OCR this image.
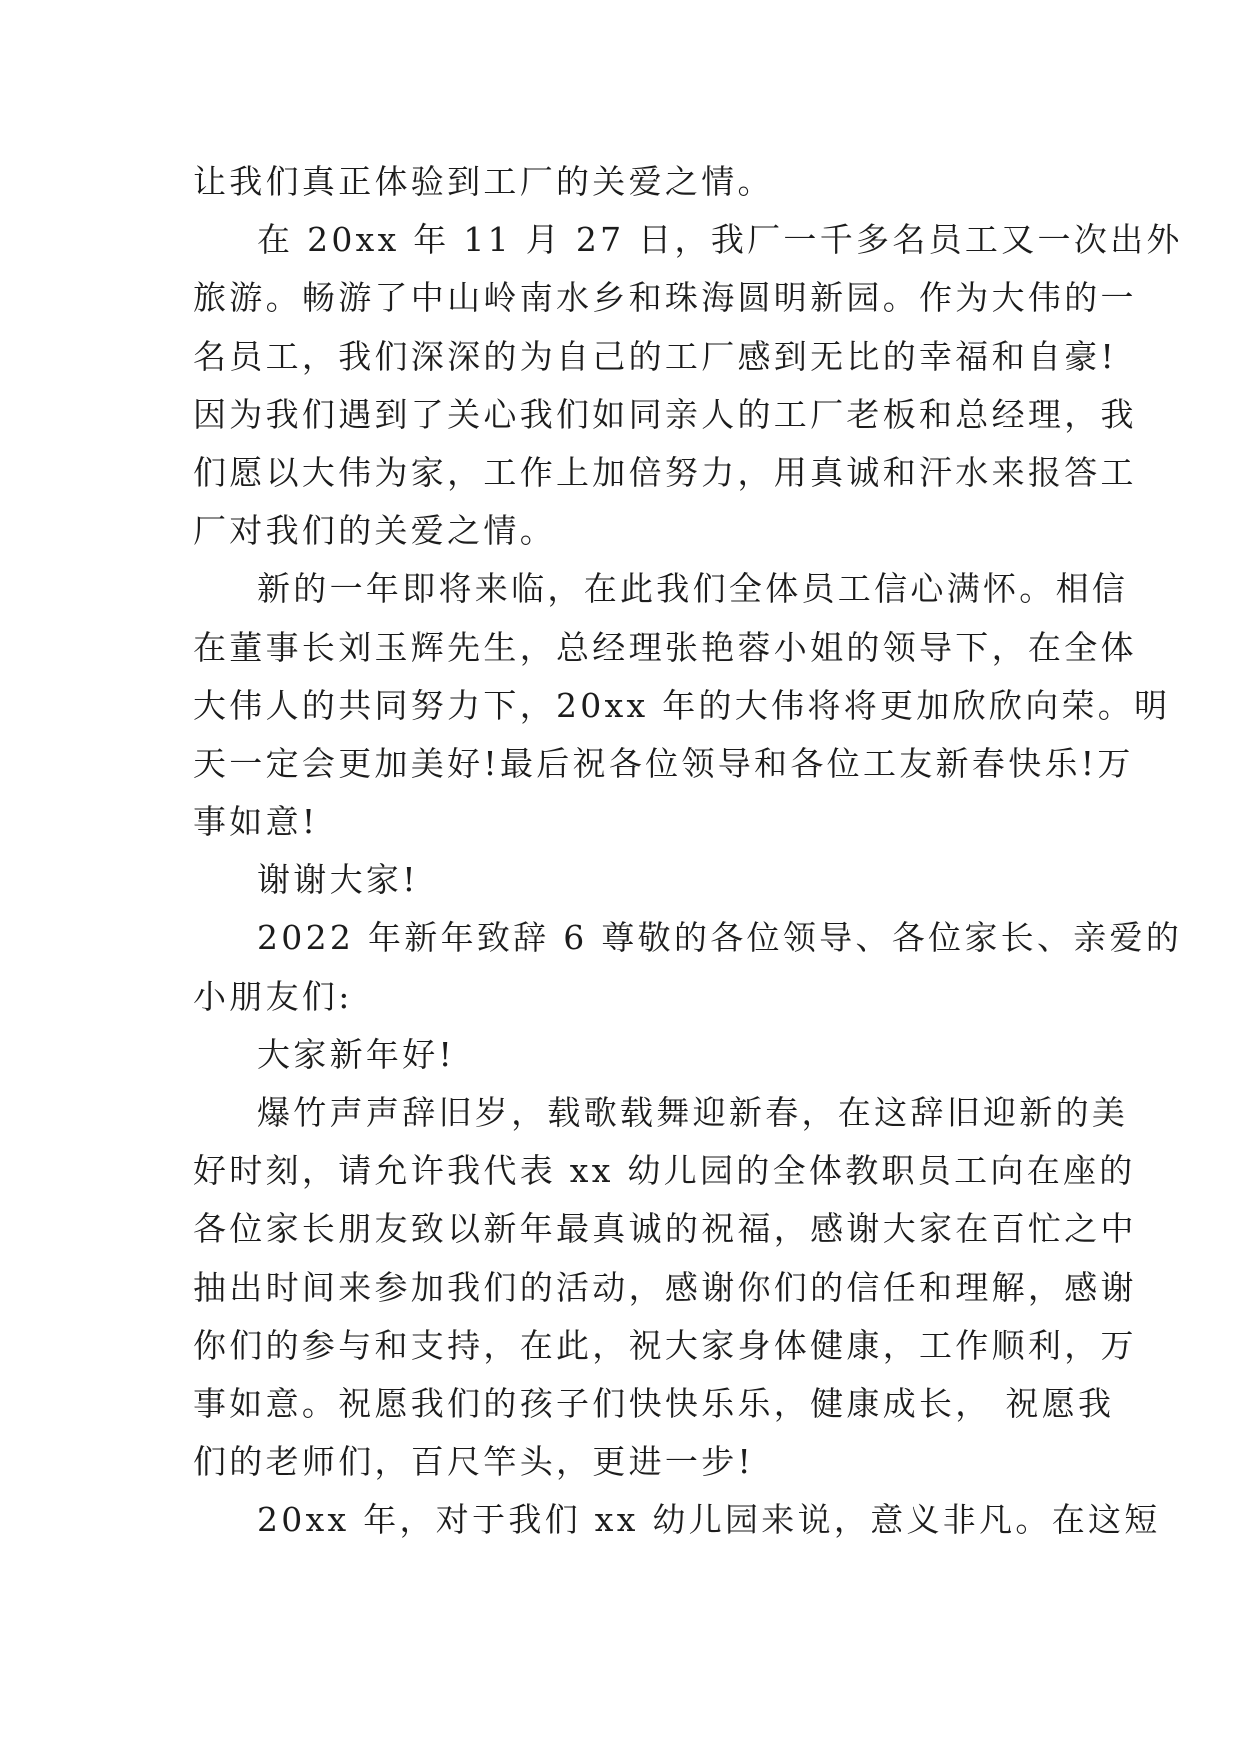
让我们真正体验到工厂的关爱之情。
在 20xx 年 11 月 27 日，我厂一千多名员工又一次出外
旅游。畅游了中山岭南水乡和珠海圆明新园。作为大伟的一
名员工，我们深深的为自己的工厂感到无比的幸福和自豪!
因为我们遇到了关心我们如同亲人的工厂老板和总经理，我
们愿以大伟为家，工作上加倍努力，用真诚和汗水来报答工
厂对我们的关爱之情。
新的一年即将来临，在此我们全体员工信心满怀。相信
在董事长刘玉辉先生，总经理张艳蓉小姐的领导下，在全体
大伟人的共同努力下，20xx 年的大伟将将更加欣欣向荣。明
天一定会更加美好!最后祝各位领导和各位工友新春快乐!万
事如意!
谢谢大家!
2022 年新年致辞 6 尊敬的各位领导、各位家长、亲爱的
小朋友们:
大家新年好!
爆竹声声辞旧岁，载歌载舞迎新春，在这辞旧迎新的美
好时刻，请允许我代表 xx 幼儿园的全体教职员工向在座的
各位家长朋友致以新年最真诚的祝福，感谢大家在百忙之中
抽出时间来参加我们的活动，感谢你们的信任和理解，感谢
你们的参与和支持，在此，祝大家身体健康，工作顺利，万
事如意。祝愿我们的孩子们快快乐乐，健康成长， 祝愿我
们的老师们，百尺竿头，更进一步!
20xx 年，对于我们 xx 幼儿园来说，意义非凡。在这短
